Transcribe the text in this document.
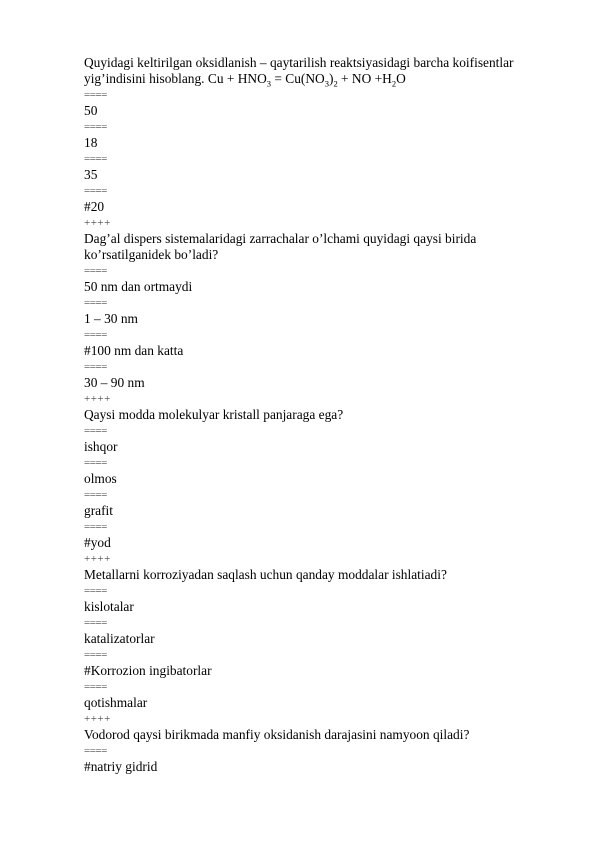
Quyidagi keltirilgan oksidlanish – qaytarilish reaktsiyasidagi barcha koifisentlar
yig’indisini hisoblang. $Cu + HNO_3 = Cu(NO_3)_2$ + NO $+H_2O$
====
50
====
18
====
35
====
#20
++++
Dag’al dispers sistemalaridagi zarrachalar o’lchami quyidagi qaysi birida
ko’rsatilganidek bo’ladi?
====
50 nm dan ortmaydi
====
1 – 30 nm
====
#100 nm dan katta
====
30 – 90 nm
++++
Qaysi modda molekulyar kristall panjaraga ega?
====
ishqor
====
olmos
====
grafit
====
#yod
++++
Metallarni korroziyadan saqlash uchun qanday moddalar ishlatiadi?
====
kislotalar
====
katalizatorlar
====
#Korrozion ingibatorlar
====
qotishmalar
++++
Vodorod qaysi birikmada manfiy oksidanish darajasini namyoon qiladi?
====
#natriy gidrid
